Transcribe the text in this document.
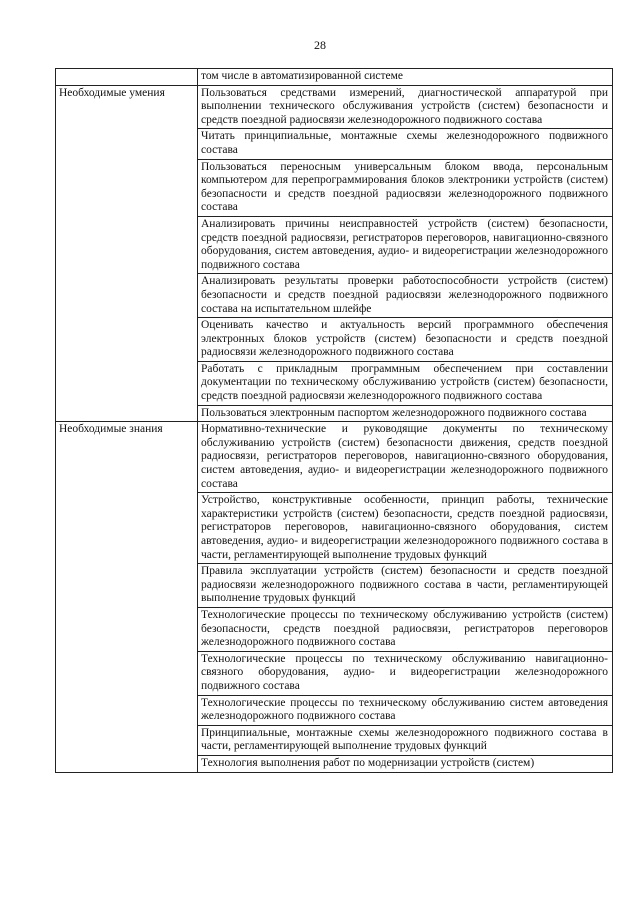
28
	том числе в автоматизированной системе
Необходимые умения	Пользоваться средствами измерений, диагностической аппаратурой при выполнении технического обслуживания устройств (систем) безопасности и средств поездной радиосвязи железнодорожного подвижного состава
	Читать принципиальные, монтажные схемы железнодорожного подвижного состава
	Пользоваться переносным универсальным блоком ввода, персональным компьютером для перепрограммирования блоков электроники устройств (систем) безопасности и средств поездной радиосвязи железнодорожного подвижного состава
	Анализировать причины неисправностей устройств (систем) безопасности, средств поездной радиосвязи, регистраторов переговоров, навигационно-связного оборудования, систем автоведения, аудио- и видеорегистрации железнодорожного подвижного состава
	Анализировать результаты проверки работоспособности устройств (систем) безопасности и средств поездной радиосвязи железнодорожного подвижного состава на испытательном шлейфе
	Оценивать качество и актуальность версий программного обеспечения электронных блоков устройств (систем) безопасности и средств поездной радиосвязи железнодорожного подвижного состава
	Работать с прикладным программным обеспечением при составлении документации по техническому обслуживанию устройств (систем) безопасности, средств поездной радиосвязи железнодорожного подвижного состава
	Пользоваться электронным паспортом железнодорожного подвижного состава
Необходимые знания	Нормативно-технические и руководящие документы по техническому обслуживанию устройств (систем) безопасности движения, средств поездной радиосвязи, регистраторов переговоров, навигационно-связного оборудования, систем автоведения, аудио- и видеорегистрации железнодорожного подвижного состава
	Устройство, конструктивные особенности, принцип работы, технические характеристики устройств (систем) безопасности, средств поездной радиосвязи, регистраторов переговоров, навигационно-связного оборудования, систем автоведения, аудио- и видеорегистрации железнодорожного подвижного состава в части, регламентирующей выполнение трудовых функций
	Правила эксплуатации устройств (систем) безопасности и средств поездной радиосвязи железнодорожного подвижного состава в части, регламентирующей выполнение трудовых функций
	Технологические процессы по техническому обслуживанию устройств (систем) безопасности, средств поездной радиосвязи, регистраторов переговоров железнодорожного подвижного состава
	Технологические процессы по техническому обслуживанию навигационно-связного оборудования, аудио- и видеорегистрации железнодорожного подвижного состава
	Технологические процессы по техническому обслуживанию систем автоведения железнодорожного подвижного состава
	Принципиальные, монтажные схемы железнодорожного подвижного состава в части, регламентирующей выполнение трудовых функций
	Технология выполнения работ по модернизации устройств (систем)
